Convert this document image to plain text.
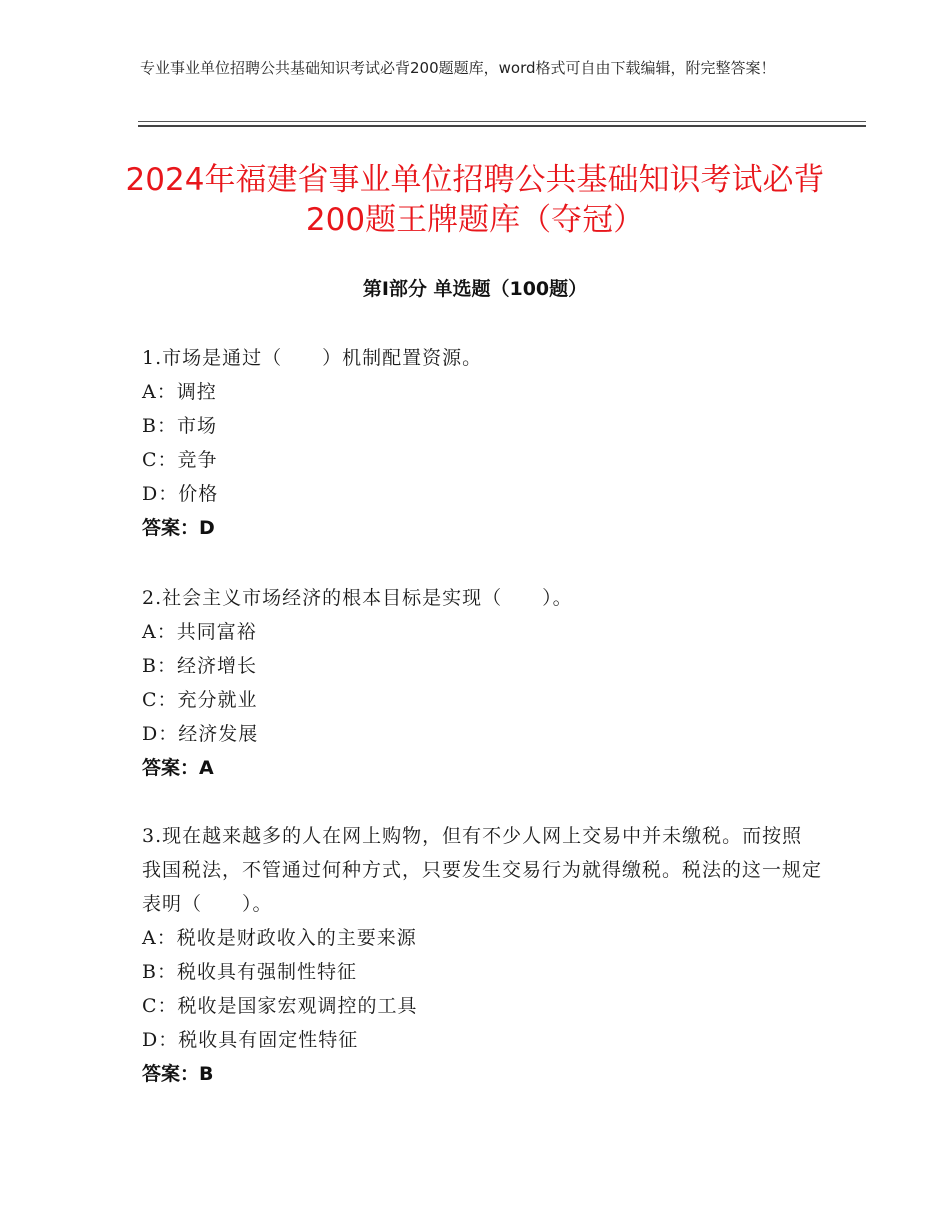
专业事业单位招聘公共基础知识考试必背200题题库，word格式可自由下载编辑，附完整答案！
2024年福建省事业单位招聘公共基础知识考试必背200题王牌题库（夺冠）
第I部分 单选题（100题）
1.市场是通过（　　）机制配置资源。
A：调控
B：市场
C：竞争
D：价格
答案：D
2.社会主义市场经济的根本目标是实现（　　）。
A：共同富裕
B：经济增长
C：充分就业
D：经济发展
答案：A
3.现在越来越多的人在网上购物，但有不少人网上交易中并未缴税。而按照我国税法，不管通过何种方式，只要发生交易行为就得缴税。税法的这一规定表明（　　）。
A：税收是财政收入的主要来源
B：税收具有强制性特征
C：税收是国家宏观调控的工具
D：税收具有固定性特征
答案：B
